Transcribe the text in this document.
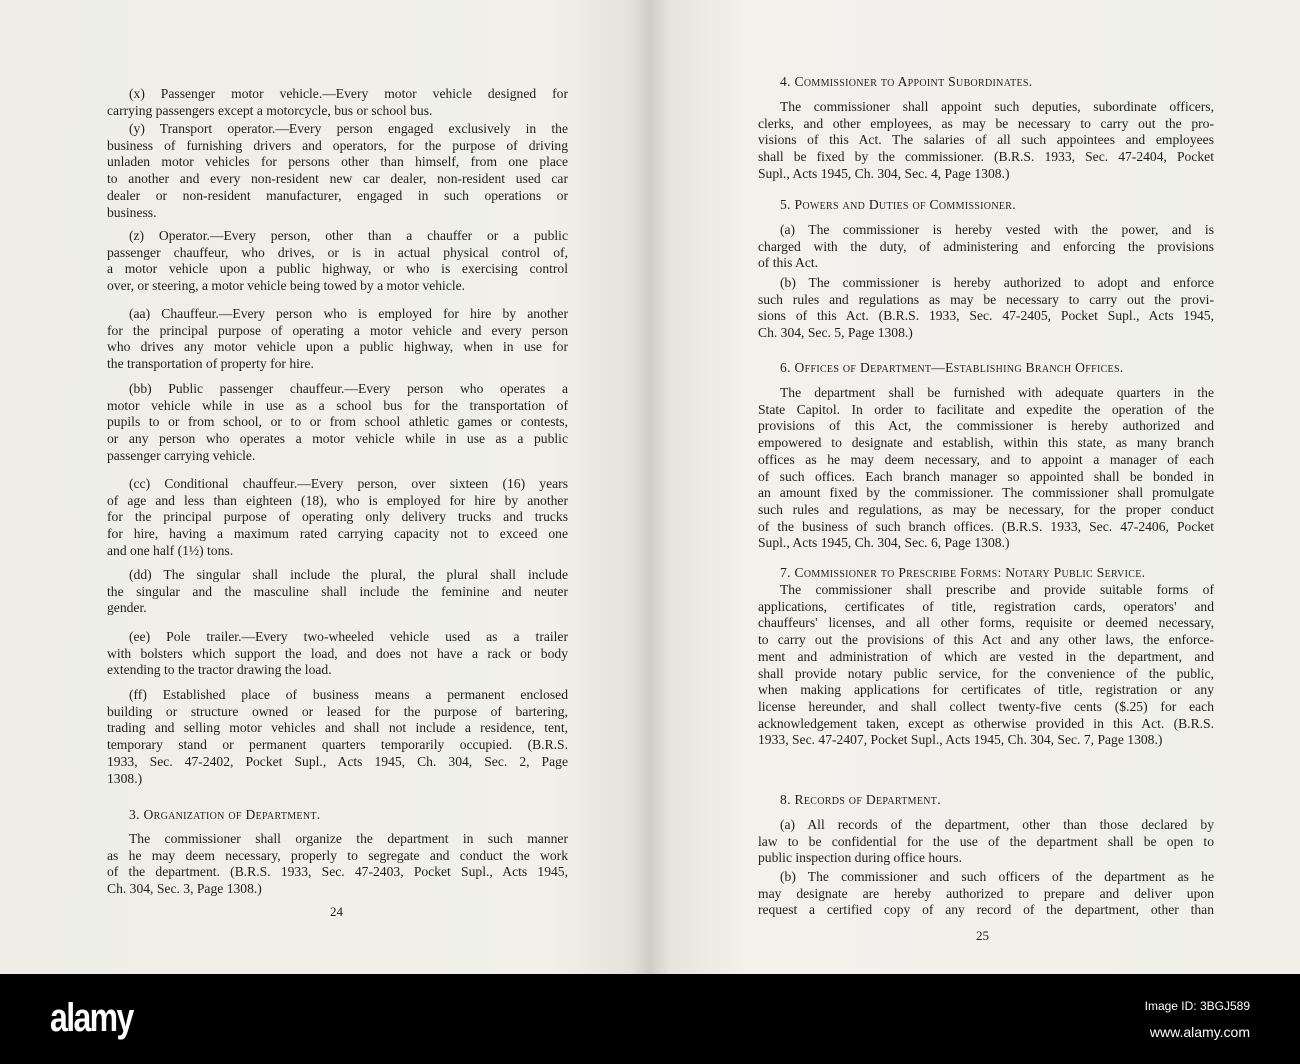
24
(x) Passenger motor vehicle.—Every motor vehicle designed for
carrying passengers except a motorcycle, bus or school bus.
(y) Transport operator.—Every person engaged exclusively in the
business of furnishing drivers and operators, for the purpose of driving
unladen motor vehicles for persons other than himself, from one place
to another and every non-resident new car dealer, non-resident used car
dealer or non-resident manufacturer, engaged in such operations or
business.
(z) Operator.—Every person, other than a chauffer or a public
passenger chauffeur, who drives, or is in actual physical control of,
a motor vehicle upon a public highway, or who is exercising control
over, or steering, a motor vehicle being towed by a motor vehicle.
(aa) Chauffeur.—Every person who is employed for hire by another
for the principal purpose of operating a motor vehicle and every person
who drives any motor vehicle upon a public highway, when in use for
the transportation of property for hire.
(bb) Public passenger chauffeur.—Every person who operates a
motor vehicle while in use as a school bus for the transportation of
pupils to or from school, or to or from school athletic games or contests,
or any person who operates a motor vehicle while in use as a public
passenger carrying vehicle.
(cc) Conditional chauffeur.—Every person, over sixteen (16) years
of age and less than eighteen (18), who is employed for hire by another
for the principal purpose of operating only delivery trucks and trucks
for hire, having a maximum rated carrying capacity not to exceed one
and one half (1½) tons.
(dd) The singular shall include the plural, the plural shall include
the singular and the masculine shall include the feminine and neuter
gender.
(ee) Pole trailer.—Every two-wheeled vehicle used as a trailer
with bolsters which support the load, and does not have a rack or body
extending to the tractor drawing the load.
(ff) Established place of business means a permanent enclosed
building or structure owned or leased for the purpose of bartering,
trading and selling motor vehicles and shall not include a residence, tent,
temporary stand or permanent quarters temporarily occupied. (B.R.S.
1933, Sec. 47-2402, Pocket Supl., Acts 1945, Ch. 304, Sec. 2, Page
1308.)
3. Organization of Department.
The commissioner shall organize the department in such manner
as he may deem necessary, properly to segregate and conduct the work
of the department. (B.R.S. 1933, Sec. 47-2403, Pocket Supl., Acts 1945,
Ch. 304, Sec. 3, Page 1308.)
25
4. Commissioner to Appoint Subordinates.
The commissioner shall appoint such deputies, subordinate officers,
clerks, and other employees, as may be necessary to carry out the pro-
visions of this Act. The salaries of all such appointees and employees
shall be fixed by the commissioner. (B.R.S. 1933, Sec. 47-2404, Pocket
Supl., Acts 1945, Ch. 304, Sec. 4, Page 1308.)
5. Powers and Duties of Commissioner.
(a) The commissioner is hereby vested with the power, and is
charged with the duty, of administering and enforcing the provisions
of this Act.
(b) The commissioner is hereby authorized to adopt and enforce
such rules and regulations as may be necessary to carry out the provi-
sions of this Act. (B.R.S. 1933, Sec. 47-2405, Pocket Supl., Acts 1945,
Ch. 304, Sec. 5, Page 1308.)
6. Offices of Department—Establishing Branch Offices.
The department shall be furnished with adequate quarters in the
State Capitol. In order to facilitate and expedite the operation of the
provisions of this Act, the commissioner is hereby authorized and
empowered to designate and establish, within this state, as many branch
offices as he may deem necessary, and to appoint a manager of each
of such offices. Each branch manager so appointed shall be bonded in
an amount fixed by the commissioner. The commissioner shall promulgate
such rules and regulations, as may be necessary, for the proper conduct
of the business of such branch offices. (B.R.S. 1933, Sec. 47-2406, Pocket
Supl., Acts 1945, Ch. 304, Sec. 6, Page 1308.)
7. Commissioner to Prescribe Forms: Notary Public Service.
The commissioner shall prescribe and provide suitable forms of
applications, certificates of title, registration cards, operators' and
chauffeurs' licenses, and all other forms, requisite or deemed necessary,
to carry out the provisions of this Act and any other laws, the enforce-
ment and administration of which are vested in the department, and
shall provide notary public service, for the convenience of the public,
when making applications for certificates of title, registration or any
license hereunder, and shall collect twenty-five cents ($.25) for each
acknowledgement taken, except as otherwise provided in this Act. (B.R.S.
1933, Sec. 47-2407, Pocket Supl., Acts 1945, Ch. 304, Sec. 7, Page 1308.)
8. Records of Department.
(a) All records of the department, other than those declared by
law to be confidential for the use of the department shall be open to
public inspection during office hours.
(b) The commissioner and such officers of the department as he
may designate are hereby authorized to prepare and deliver upon
request a certified copy of any record of the department, other than
alamy	Image ID: 3BGJ589
www.alamy.com
